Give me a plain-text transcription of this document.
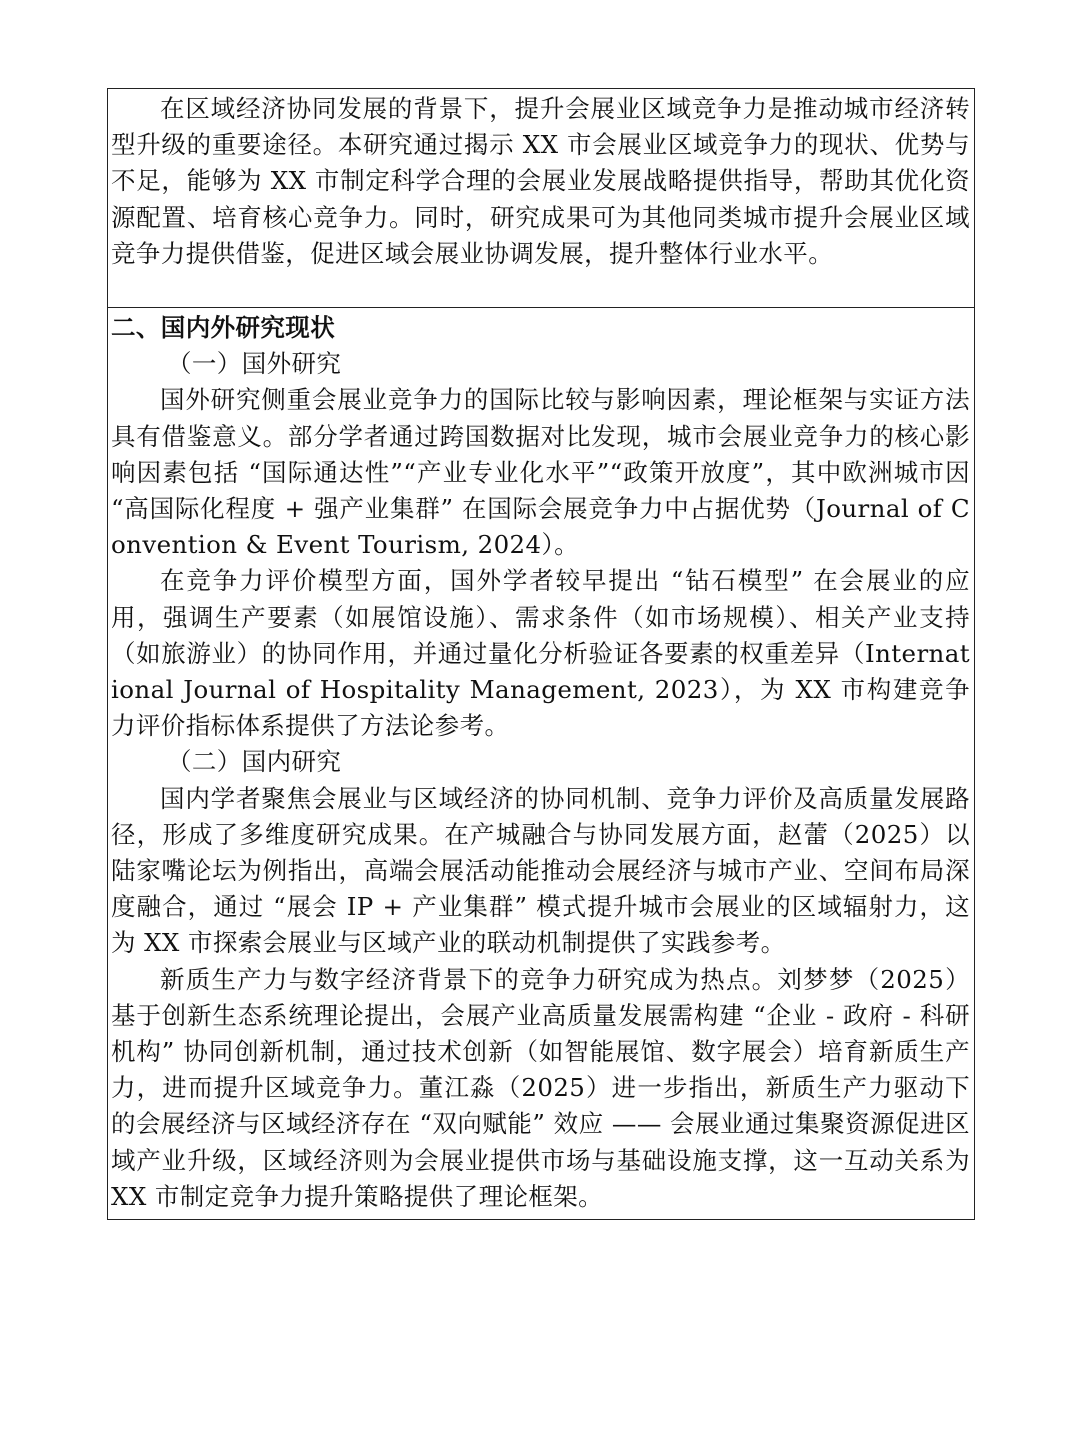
在区域经济协同发展的背景下，提升会展业区域竞争力是推动城市经济转型升级的重要途径。本研究通过揭示 XX 市会展业区域竞争力的现状、优势与不足，能够为 XX 市制定科学合理的会展业发展战略提供指导，帮助其优化资源配置、培育核心竞争力。同时，研究成果可为其他同类城市提升会展业区域竞争力提供借鉴，促进区域会展业协调发展，提升整体行业水平。

二、国内外研究现状

（一）国外研究

国外研究侧重会展业竞争力的国际比较与影响因素，理论框架与实证方法具有借鉴意义。部分学者通过跨国数据对比发现，城市会展业竞争力的核心影响因素包括 “国际通达性”“产业专业化水平”“政策开放度”，其中欧洲城市因 “高国际化程度 + 强产业集群” 在国际会展竞争力中占据优势（Journal of Convention & Event Tourism, 2024）。

在竞争力评价模型方面，国外学者较早提出 “钻石模型” 在会展业的应用，强调生产要素（如展馆设施）、需求条件（如市场规模）、相关产业支持（如旅游业）的协同作用，并通过量化分析验证各要素的权重差异（International Journal of Hospitality Management, 2023），为 XX 市构建竞争力评价指标体系提供了方法论参考。

（二）国内研究

国内学者聚焦会展业与区域经济的协同机制、竞争力评价及高质量发展路径，形成了多维度研究成果。在产城融合与协同发展方面，赵蕾（2025）以陆家嘴论坛为例指出，高端会展活动能推动会展经济与城市产业、空间布局深度融合，通过 “展会 IP + 产业集群” 模式提升城市会展业的区域辐射力，这为 XX 市探索会展业与区域产业的联动机制提供了实践参考。

新质生产力与数字经济背景下的竞争力研究成为热点。刘梦梦（2025）基于创新生态系统理论提出，会展产业高质量发展需构建 “企业 - 政府 - 科研机构” 协同创新机制，通过技术创新（如智能展馆、数字展会）培育新质生产力，进而提升区域竞争力。董江淼（2025）进一步指出，新质生产力驱动下的会展经济与区域经济存在 “双向赋能” 效应 —— 会展业通过集聚资源促进区域产业升级，区域经济则为会展业提供市场与基础设施支撑，这一互动关系为 XX 市制定竞争力提升策略提供了理论框架。
